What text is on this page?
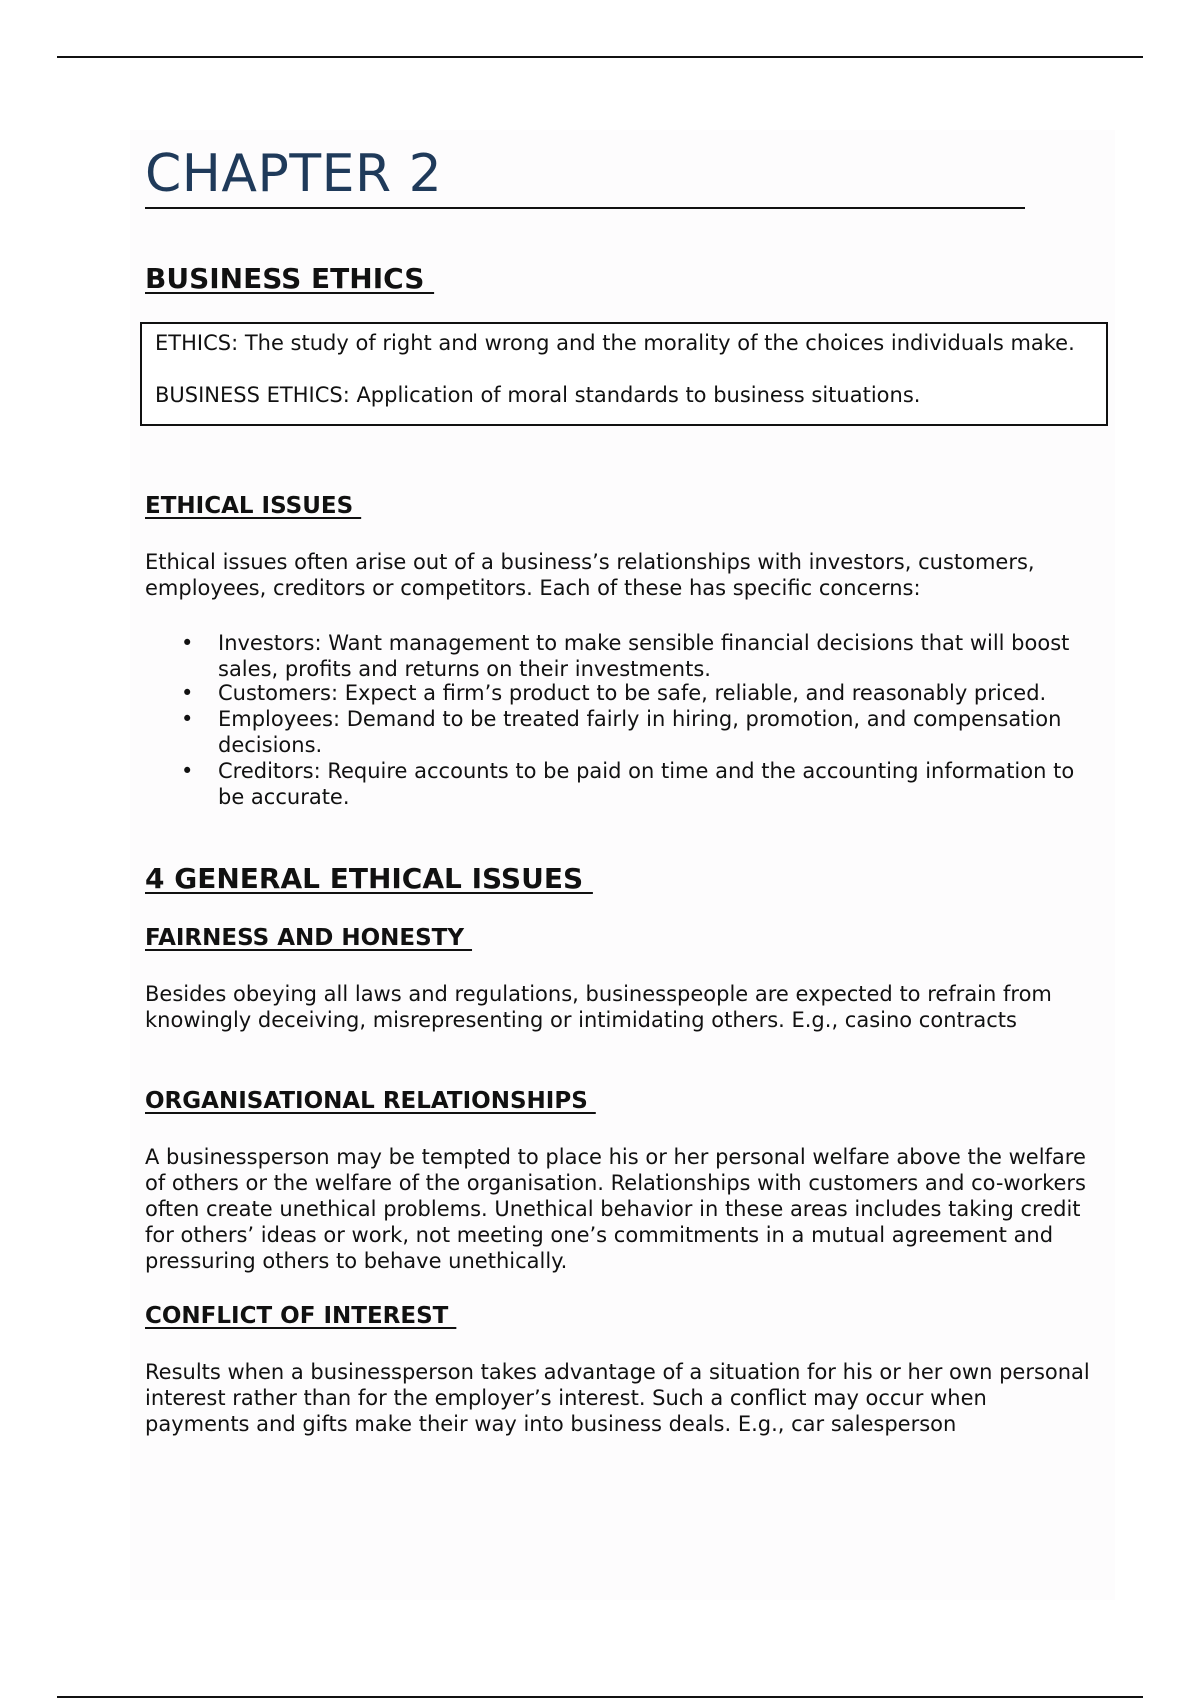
CHAPTER 2
BUSINESS ETHICS

ETHICS: The study of right and wrong and the morality of the choices individuals make.

BUSINESS ETHICS: Application of moral standards to business situations.

ETHICAL ISSUES

Ethical issues often arise out of a business’s relationships with investors, customers, employees, creditors or competitors. Each of these has specific concerns:

• Investors: Want management to make sensible financial decisions that will boost sales, profits and returns on their investments.
• Customers: Expect a firm’s product to be safe, reliable, and reasonably priced.
• Employees: Demand to be treated fairly in hiring, promotion, and compensation decisions.
• Creditors: Require accounts to be paid on time and the accounting information to be accurate.
4 GENERAL ETHICAL ISSUES
FAIRNESS AND HONESTY

Besides obeying all laws and regulations, businesspeople are expected to refrain from knowingly deceiving, misrepresenting or intimidating others. E.g., casino contracts

ORGANISATIONAL RELATIONSHIPS

A businessperson may be tempted to place his or her personal welfare above the welfare of others or the welfare of the organisation. Relationships with customers and co-workers often create unethical problems. Unethical behavior in these areas includes taking credit for others’ ideas or work, not meeting one’s commitments in a mutual agreement and pressuring others to behave unethically.

CONFLICT OF INTEREST

Results when a businessperson takes advantage of a situation for his or her own personal interest rather than for the employer’s interest. Such a conflict may occur when payments and gifts make their way into business deals. E.g., car salesperson
